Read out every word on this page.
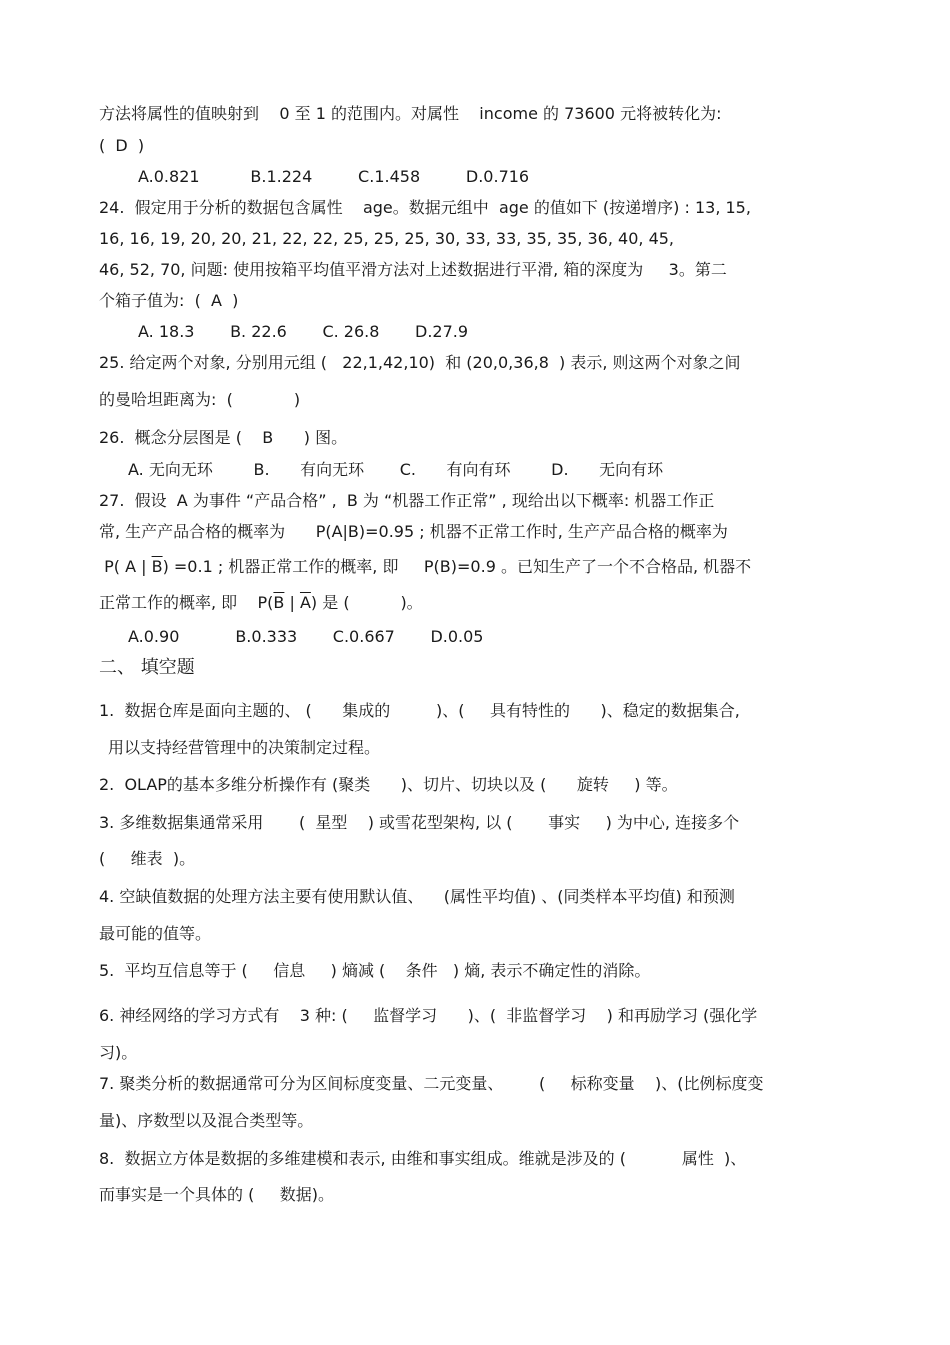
方法将属性的值映射到    0 至 1 的范围内。对属性    income 的 73600 元将被转化为:
(  D  )
A.0.821          B.1.224         C.1.458         D.0.716
24.  假定用于分析的数据包含属性    age。数据元组中  age 的值如下 (按递增序) : 13, 15,
16, 16, 19, 20, 20, 21, 22, 22, 25, 25, 25, 30, 33, 33, 35, 35, 36, 40, 45,
46, 52, 70, 问题: 使用按箱平均值平滑方法对上述数据进行平滑, 箱的深度为     3。第二
个箱子值为:  (  A  )
A. 18.3       B. 22.6       C. 26.8       D.27.9
25. 给定两个对象, 分别用元组 (   22,1,42,10)  和 (20,0,36,8  ) 表示, 则这两个对象之间
的曼哈坦距离为:  (            )
26.  概念分层图是 (    B      ) 图。
A. 无向无环        B.      有向无环       C.      有向有环        D.      无向有环
27.  假设  A 为事件 “产品合格” ,  B 为 “机器工作正常” , 现给出以下概率: 机器工作正
常, 生产产品合格的概率为      P(A|B)=0.95 ; 机器不正常工作时, 生产产品合格的概率为
P( A | $\overline{B}) =0.1$ ; 机器正常工作的概率, 即     P(B)=0.9 。已知生产了一个不合格品, 机器不
正常工作的概率, 即    $P(\overline{B}$ | $\overline{A}$) 是 (          )。
A.0.90           B.0.333       C.0.667       D.0.05
二、 填空题
1.  数据仓库是面向主题的、 (      集成的         )、(     具有特性的      )、稳定的数据集合,
用以支持经营管理中的决策制定过程。
2.  OLAP的基本多维分析操作有 (聚类      )、切片、切块以及 (      旋转     ) 等。
3. 多维数据集通常采用       (  星型    ) 或雪花型架构, 以 (       事实     ) 为中心, 连接多个
(     维表  )。
4. 空缺值数据的处理方法主要有使用默认值、    (属性平均值) 、(同类样本平均值) 和预测
最可能的值等。
5.  平均互信息等于 (     信息     ) 熵减 (    条件   ) 熵, 表示不确定性的消除。
6. 神经网络的学习方式有    3 种: (     监督学习      )、(  非监督学习    ) 和再励学习 (强化学
习)。
7. 聚类分析的数据通常可分为区间标度变量、二元变量、       (     标称变量    )、(比例标度变
量)、序数型以及混合类型等。
8.  数据立方体是数据的多维建模和表示, 由维和事实组成。维就是涉及的 (           属性  )、
而事实是一个具体的 (     数据)。
